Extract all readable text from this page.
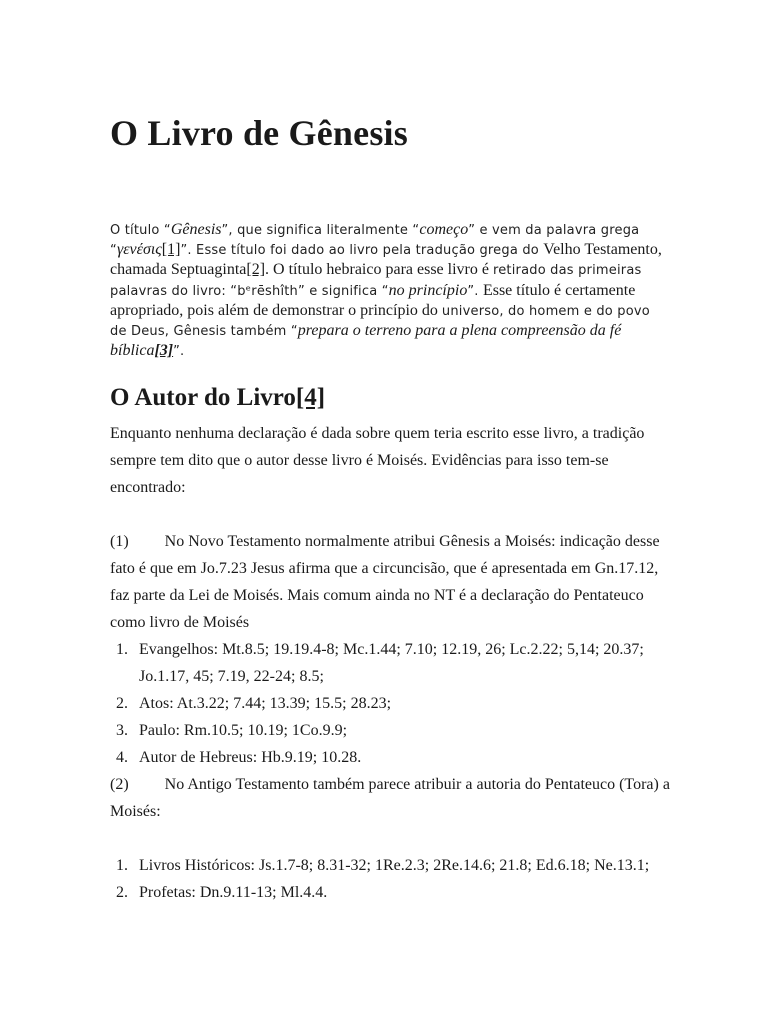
O Livro de Gênesis
O título “Gênesis”, que significa literalmente “começo” e vem da palavra grega “γενέσις[1]”. Esse título foi dado ao livro pela tradução grega do Velho Testamento, chamada Septuaginta[2]. O título hebraico para esse livro é retirado das primeiras palavras do livro: “bᵉrēshîth” e significa “no princípio”. Esse título é certamente apropriado, pois além de demonstrar o princípio do universo, do homem e do povo de Deus, Gênesis também “prepara o terreno para a plena compreensão da fé bíblica[3]”.
O Autor do Livro[4]

Enquanto nenhuma declaração é dada sobre quem teria escrito esse livro, a tradição sempre tem dito que o autor desse livro é Moisés. Evidências para isso tem-se encontrado:

(1) No Novo Testamento normalmente atribui Gênesis a Moisés: indicação desse fato é que em Jo.7.23 Jesus afirma que a circuncisão, que é apresentada em Gn.17.12, faz parte da Lei de Moisés. Mais comum ainda no NT é a declaração do Pentateuco como livro de Moisés

1. Evangelhos: Mt.8.5; 19.19.4-8; Mc.1.44; 7.10; 12.19, 26; Lc.2.22; 5,14; 20.37; Jo.1.17, 45; 7.19, 22-24; 8.5;
2. Atos: At.3.22; 7.44; 13.39; 15.5; 28.23;
3. Paulo: Rm.10.5; 10.19; 1Co.9.9;
4. Autor de Hebreus: Hb.9.19; 10.28.

(2) No Antigo Testamento também parece atribuir a autoria do Pentateuco (Tora) a Moisés:

1. Livros Históricos: Js.1.7-8; 8.31-32; 1Re.2.3; 2Re.14.6; 21.8; Ed.6.18; Ne.13.1;
2. Profetas: Dn.9.11-13; Ml.4.4.
